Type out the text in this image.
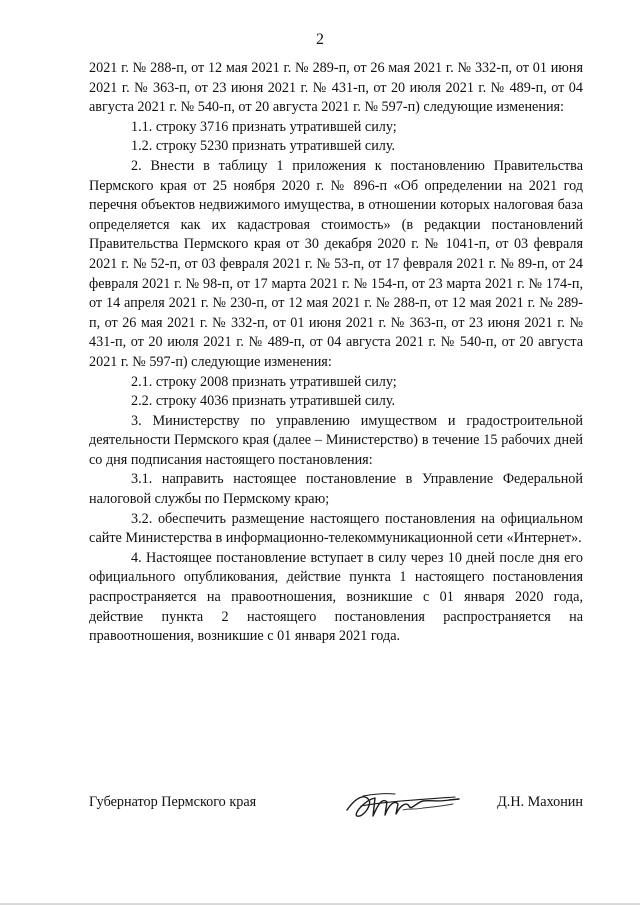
2

2021 г. № 288-п, от 12 мая 2021 г. № 289-п, от 26 мая 2021 г. № 332-п, от 01 июня 2021 г. № 363-п, от 23 июня 2021 г. № 431-п, от 20 июля 2021 г. № 489-п, от 04 августа 2021 г. № 540-п, от 20 августа 2021 г. № 597-п) следующие изменения:

1.1. строку 3716 признать утратившей силу;

1.2. строку 5230 признать утратившей силу.

2. Внести в таблицу 1 приложения к постановлению Правительства Пермского края от 25 ноября 2020 г. № 896-п «Об определении на 2021 год перечня объектов недвижимого имущества, в отношении которых налоговая база определяется как их кадастровая стоимость» (в редакции постановлений Правительства Пермского края от 30 декабря 2020 г. № 1041-п, от 03 февраля 2021 г. № 52-п, от 03 февраля 2021 г. № 53-п, от 17 февраля 2021 г. № 89-п, от 24 февраля 2021 г. № 98-п, от 17 марта 2021 г. № 154-п, от 23 марта 2021 г. № 174-п, от 14 апреля 2021 г. № 230-п, от 12 мая 2021 г. № 288-п, от 12 мая 2021 г. № 289-п, от 26 мая 2021 г. № 332-п, от 01 июня 2021 г. № 363-п, от 23 июня 2021 г. № 431-п, от 20 июля 2021 г. № 489-п, от 04 августа 2021 г. № 540-п, от 20 августа 2021 г. № 597-п) следующие изменения:

2.1. строку 2008 признать утратившей силу;

2.2. строку 4036 признать утратившей силу.

3. Министерству по управлению имуществом и градостроительной деятельности Пермского края (далее – Министерство) в течение 15 рабочих дней со дня подписания настоящего постановления:

3.1. направить настоящее постановление в Управление Федеральной налоговой службы по Пермскому краю;

3.2. обеспечить размещение настоящего постановления на официальном сайте Министерства в информационно-телекоммуникационной сети «Интернет».

4. Настоящее постановление вступает в силу через 10 дней после дня его официального опубликования, действие пункта 1 настоящего постановления распространяется на правоотношения, возникшие с 01 января 2020 года, действие пункта 2 настоящего постановления распространяется на правоотношения, возникшие с 01 января 2021 года.

Губернатор Пермского края	Д.Н. Махонин
